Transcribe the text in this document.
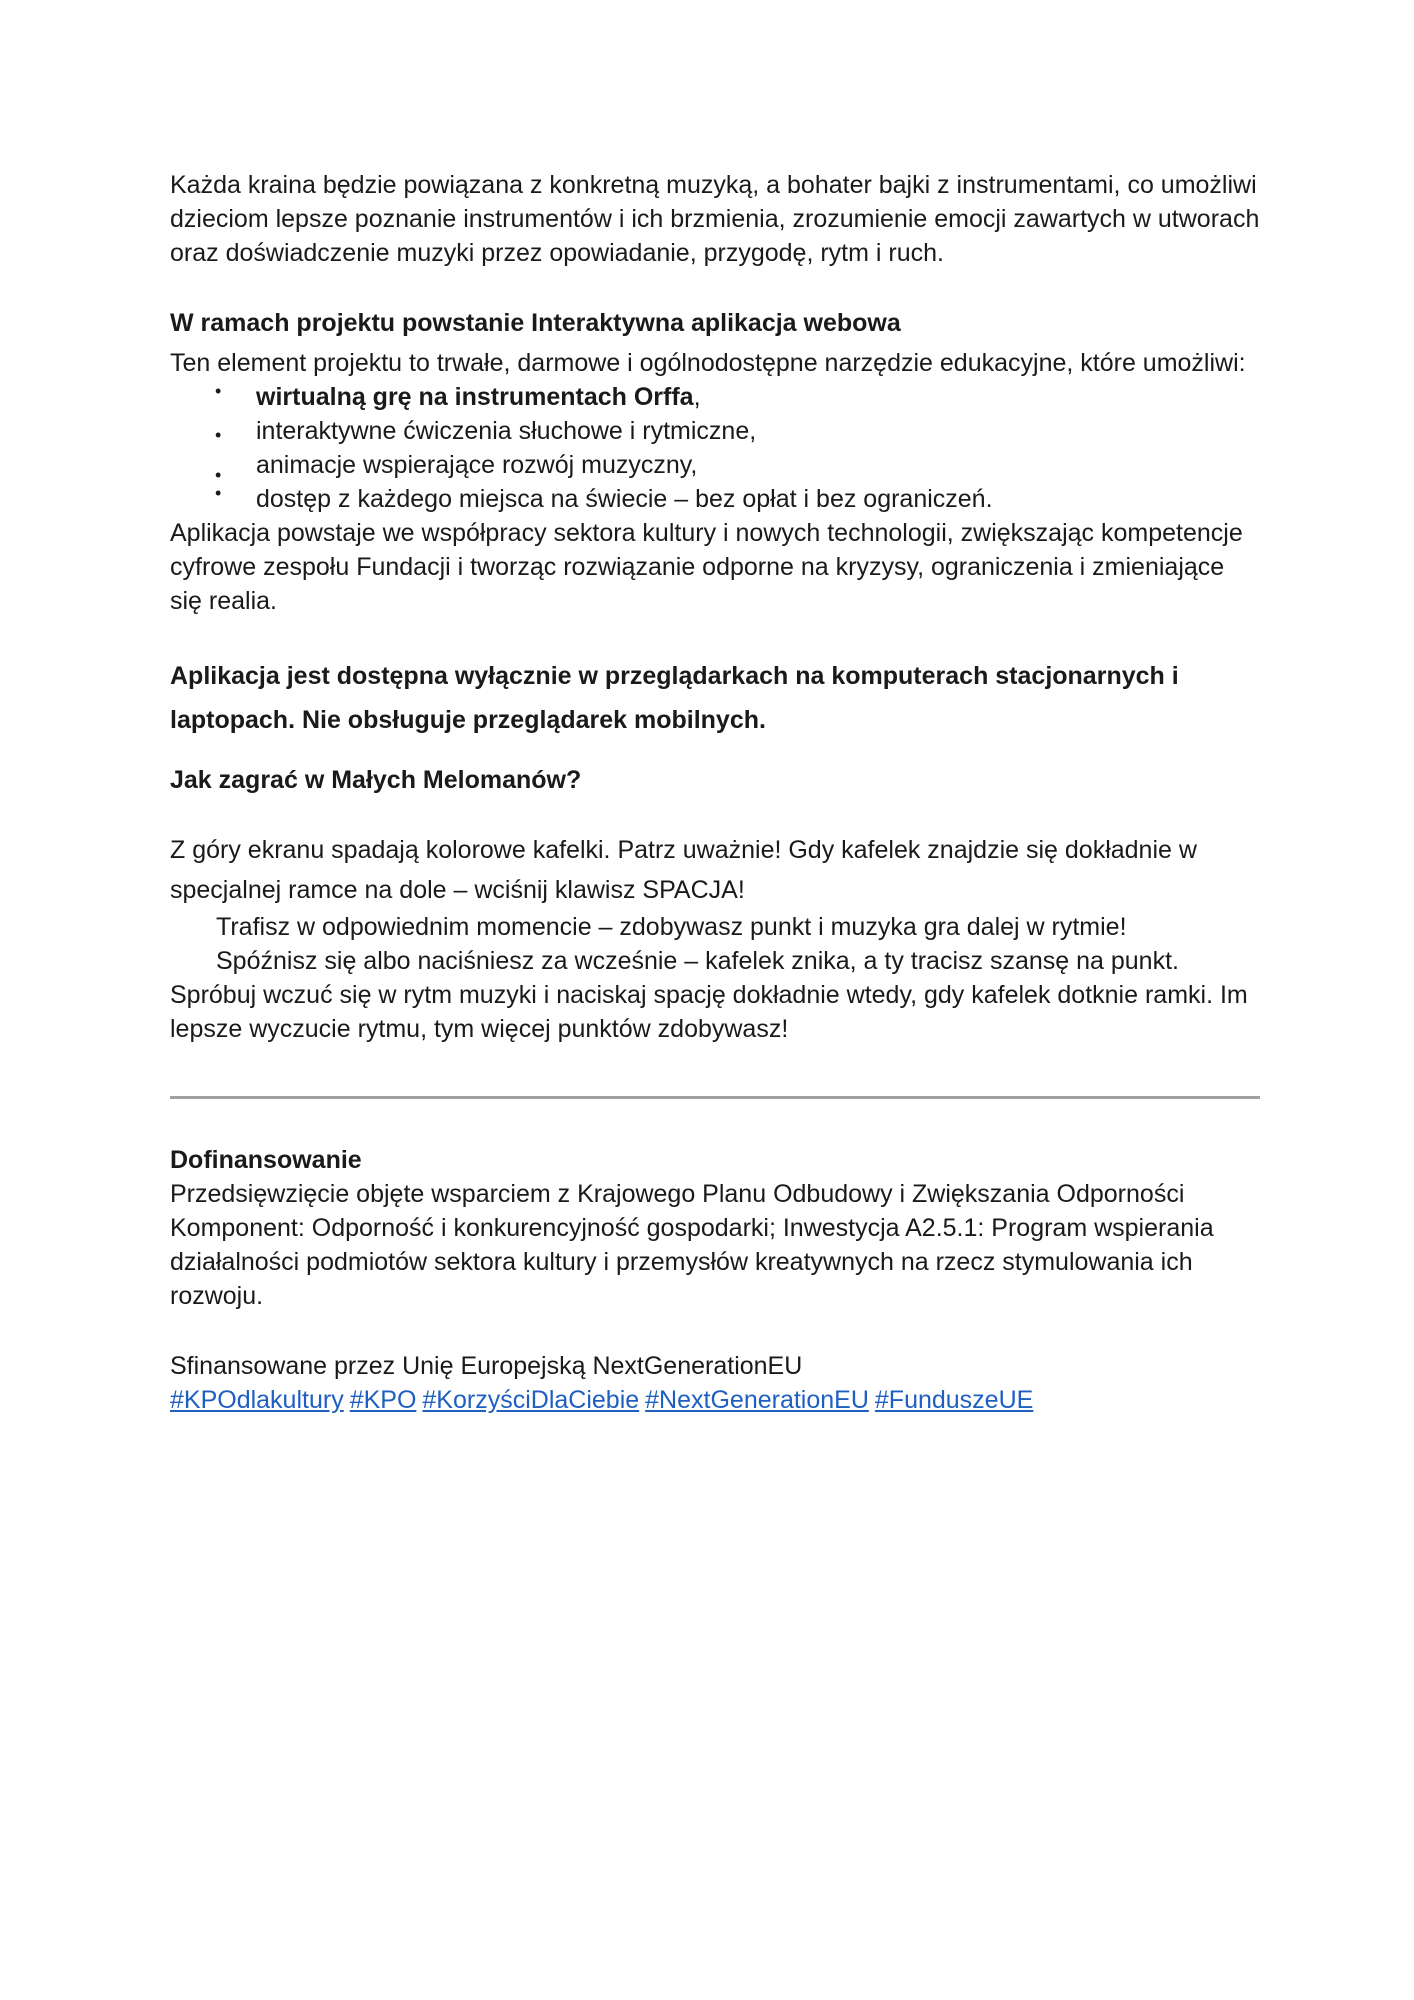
Każda kraina będzie powiązana z konkretną muzyką, a bohater bajki z instrumentami, co umożliwi dzieciom lepsze poznanie instrumentów i ich brzmienia, zrozumienie emocji zawartych w utworach oraz doświadczenie muzyki przez opowiadanie, przygodę, rytm i ruch.

W ramach projektu powstanie Interaktywna aplikacja webowa

Ten element projektu to trwałe, darmowe i ogólnodostępne narzędzie edukacyjne, które umożliwi:

• wirtualną grę na instrumentach Orffa,
• interaktywne ćwiczenia słuchowe i rytmiczne,
• animacje wspierające rozwój muzyczny,
• dostęp z każdego miejsca na świecie – bez opłat i bez ograniczeń.

Aplikacja powstaje we współpracy sektora kultury i nowych technologii, zwiększając kompetencje cyfrowe zespołu Fundacji i tworząc rozwiązanie odporne na kryzysy, ograniczenia i zmieniające się realia.

Aplikacja jest dostępna wyłącznie w przeglądarkach na komputerach stacjonarnych i laptopach. Nie obsługuje przeglądarek mobilnych.

Jak zagrać w Małych Melomanów?

Z góry ekranu spadają kolorowe kafelki. Patrz uważnie! Gdy kafelek znajdzie się dokładnie w specjalnej ramce na dole – wciśnij klawisz SPACJA!

Trafisz w odpowiednim momencie – zdobywasz punkt i muzyka gra dalej w rytmie!

Spóźnisz się albo naciśniesz za wcześnie – kafelek znika, a ty tracisz szansę na punkt.

Spróbuj wczuć się w rytm muzyki i naciskaj spację dokładnie wtedy, gdy kafelek dotknie ramki. Im lepsze wyczucie rytmu, tym więcej punktów zdobywasz!

Dofinansowanie

Przedsięwzięcie objęte wsparciem z Krajowego Planu Odbudowy i Zwiększania Odporności Komponent: Odporność i konkurencyjność gospodarki; Inwestycja A2.5.1: Program wspierania działalności podmiotów sektora kultury i przemysłów kreatywnych na rzecz stymulowania ich rozwoju.

Sfinansowane przez Unię Europejską NextGenerationEU

#KPOdlakultury #KPO #KorzyściDlaCiebie #NextGenerationEU #FunduszeUE
